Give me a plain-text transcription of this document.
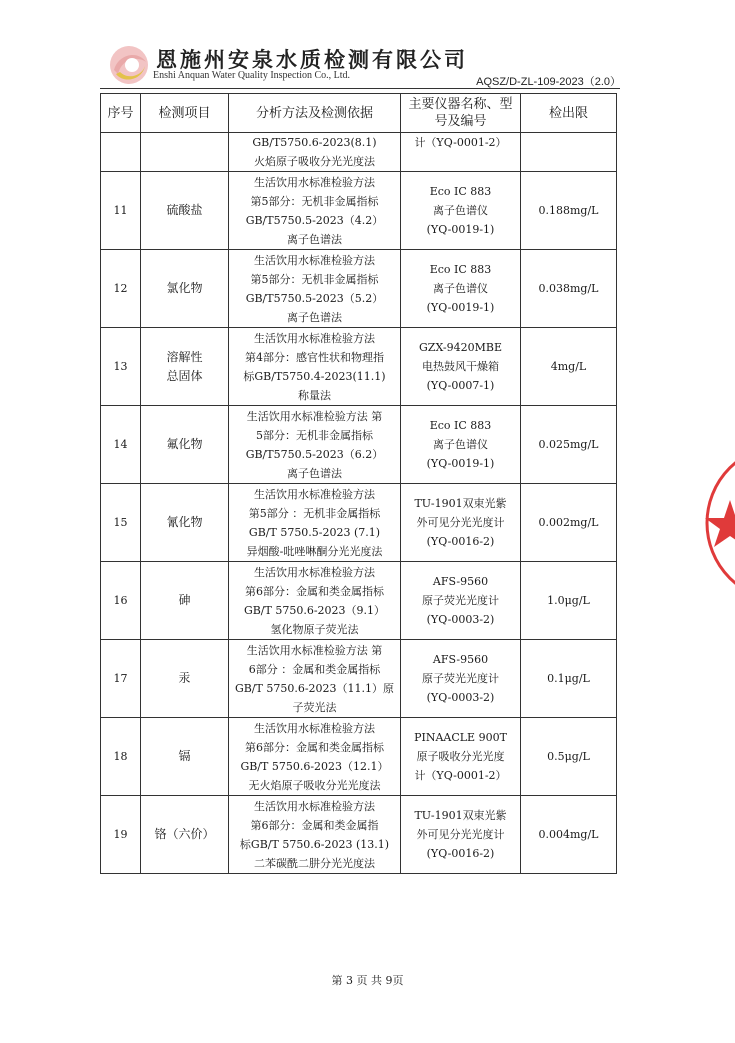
恩施州安泉水质检测有限公司
Enshi Anquan Water Quality Inspection Co., Ltd.
AQSZ/D-ZL-109-2023（2.0）
序号	检测项目	分析方法及检测依据	主要仪器名称、型号及编号	检出限

		GB/T5750.6-2023(8.1)
火焰原子吸收分光光度法	计（YQ-0001-2）	

11	硫酸盐	生活饮用水标准检验方法
第5部分：无机非金属指标
GB/T5750.5-2023（4.2）
离子色谱法	Eco IC 883
离子色谱仪
(YQ-0019-1)	0.188mg/L
12	氯化物	生活饮用水标准检验方法
第5部分：无机非金属指标
GB/T5750.5-2023（5.2）
离子色谱法	Eco IC 883
离子色谱仪
(YQ-0019-1)	0.038mg/L
13	溶解性
总固体	生活饮用水标准检验方法
第4部分：感官性状和物理指
标GB/T5750.4-2023(11.1)
称量法	GZX-9420MBE
电热鼓风干燥箱
(YQ-0007-1)	4mg/L
14	氟化物	生活饮用水标准检验方法 第
5部分：无机非金属指标
GB/T5750.5-2023（6.2）
离子色谱法	Eco IC 883
离子色谱仪
(YQ-0019-1)	0.025mg/L
15	氰化物	生活饮用水标准检验方法
第5部分 ：无机非金属指标
GB/T 5750.5-2023 (7.1)
异烟酸-吡唑啉酮分光光度法	TU-1901双束光紫
外可见分光光度计
(YQ-0016-2)	0.002mg/L
16	砷	生活饮用水标准检验方法
第6部分：金属和类金属指标
GB/T 5750.6-2023（9.1）
氢化物原子荧光法	AFS-9560
原子荧光光度计
(YQ-0003-2)	1.0μg/L
17	汞	生活饮用水标准检验方法 第
6部分 ：金属和类金属指标
GB/T 5750.6-2023（11.1）原
子荧光法	AFS-9560
原子荧光光度计
(YQ-0003-2)	0.1μg/L
18	镉	生活饮用水标准检验方法
第6部分：金属和类金属指标
GB/T 5750.6-2023（12.1）
无火焰原子吸收分光光度法	PINAACLE 900T
原子吸收分光光度
计（YQ-0001-2）	0.5μg/L
19	铬（六价）	生活饮用水标准检验方法
第6部分：金属和类金属指
标GB/T 5750.6-2023 (13.1)
二苯碳酰二肼分光光度法	TU-1901双束光紫
外可见分光光度计
(YQ-0016-2)	0.004mg/L
第 3 页 共 9页
